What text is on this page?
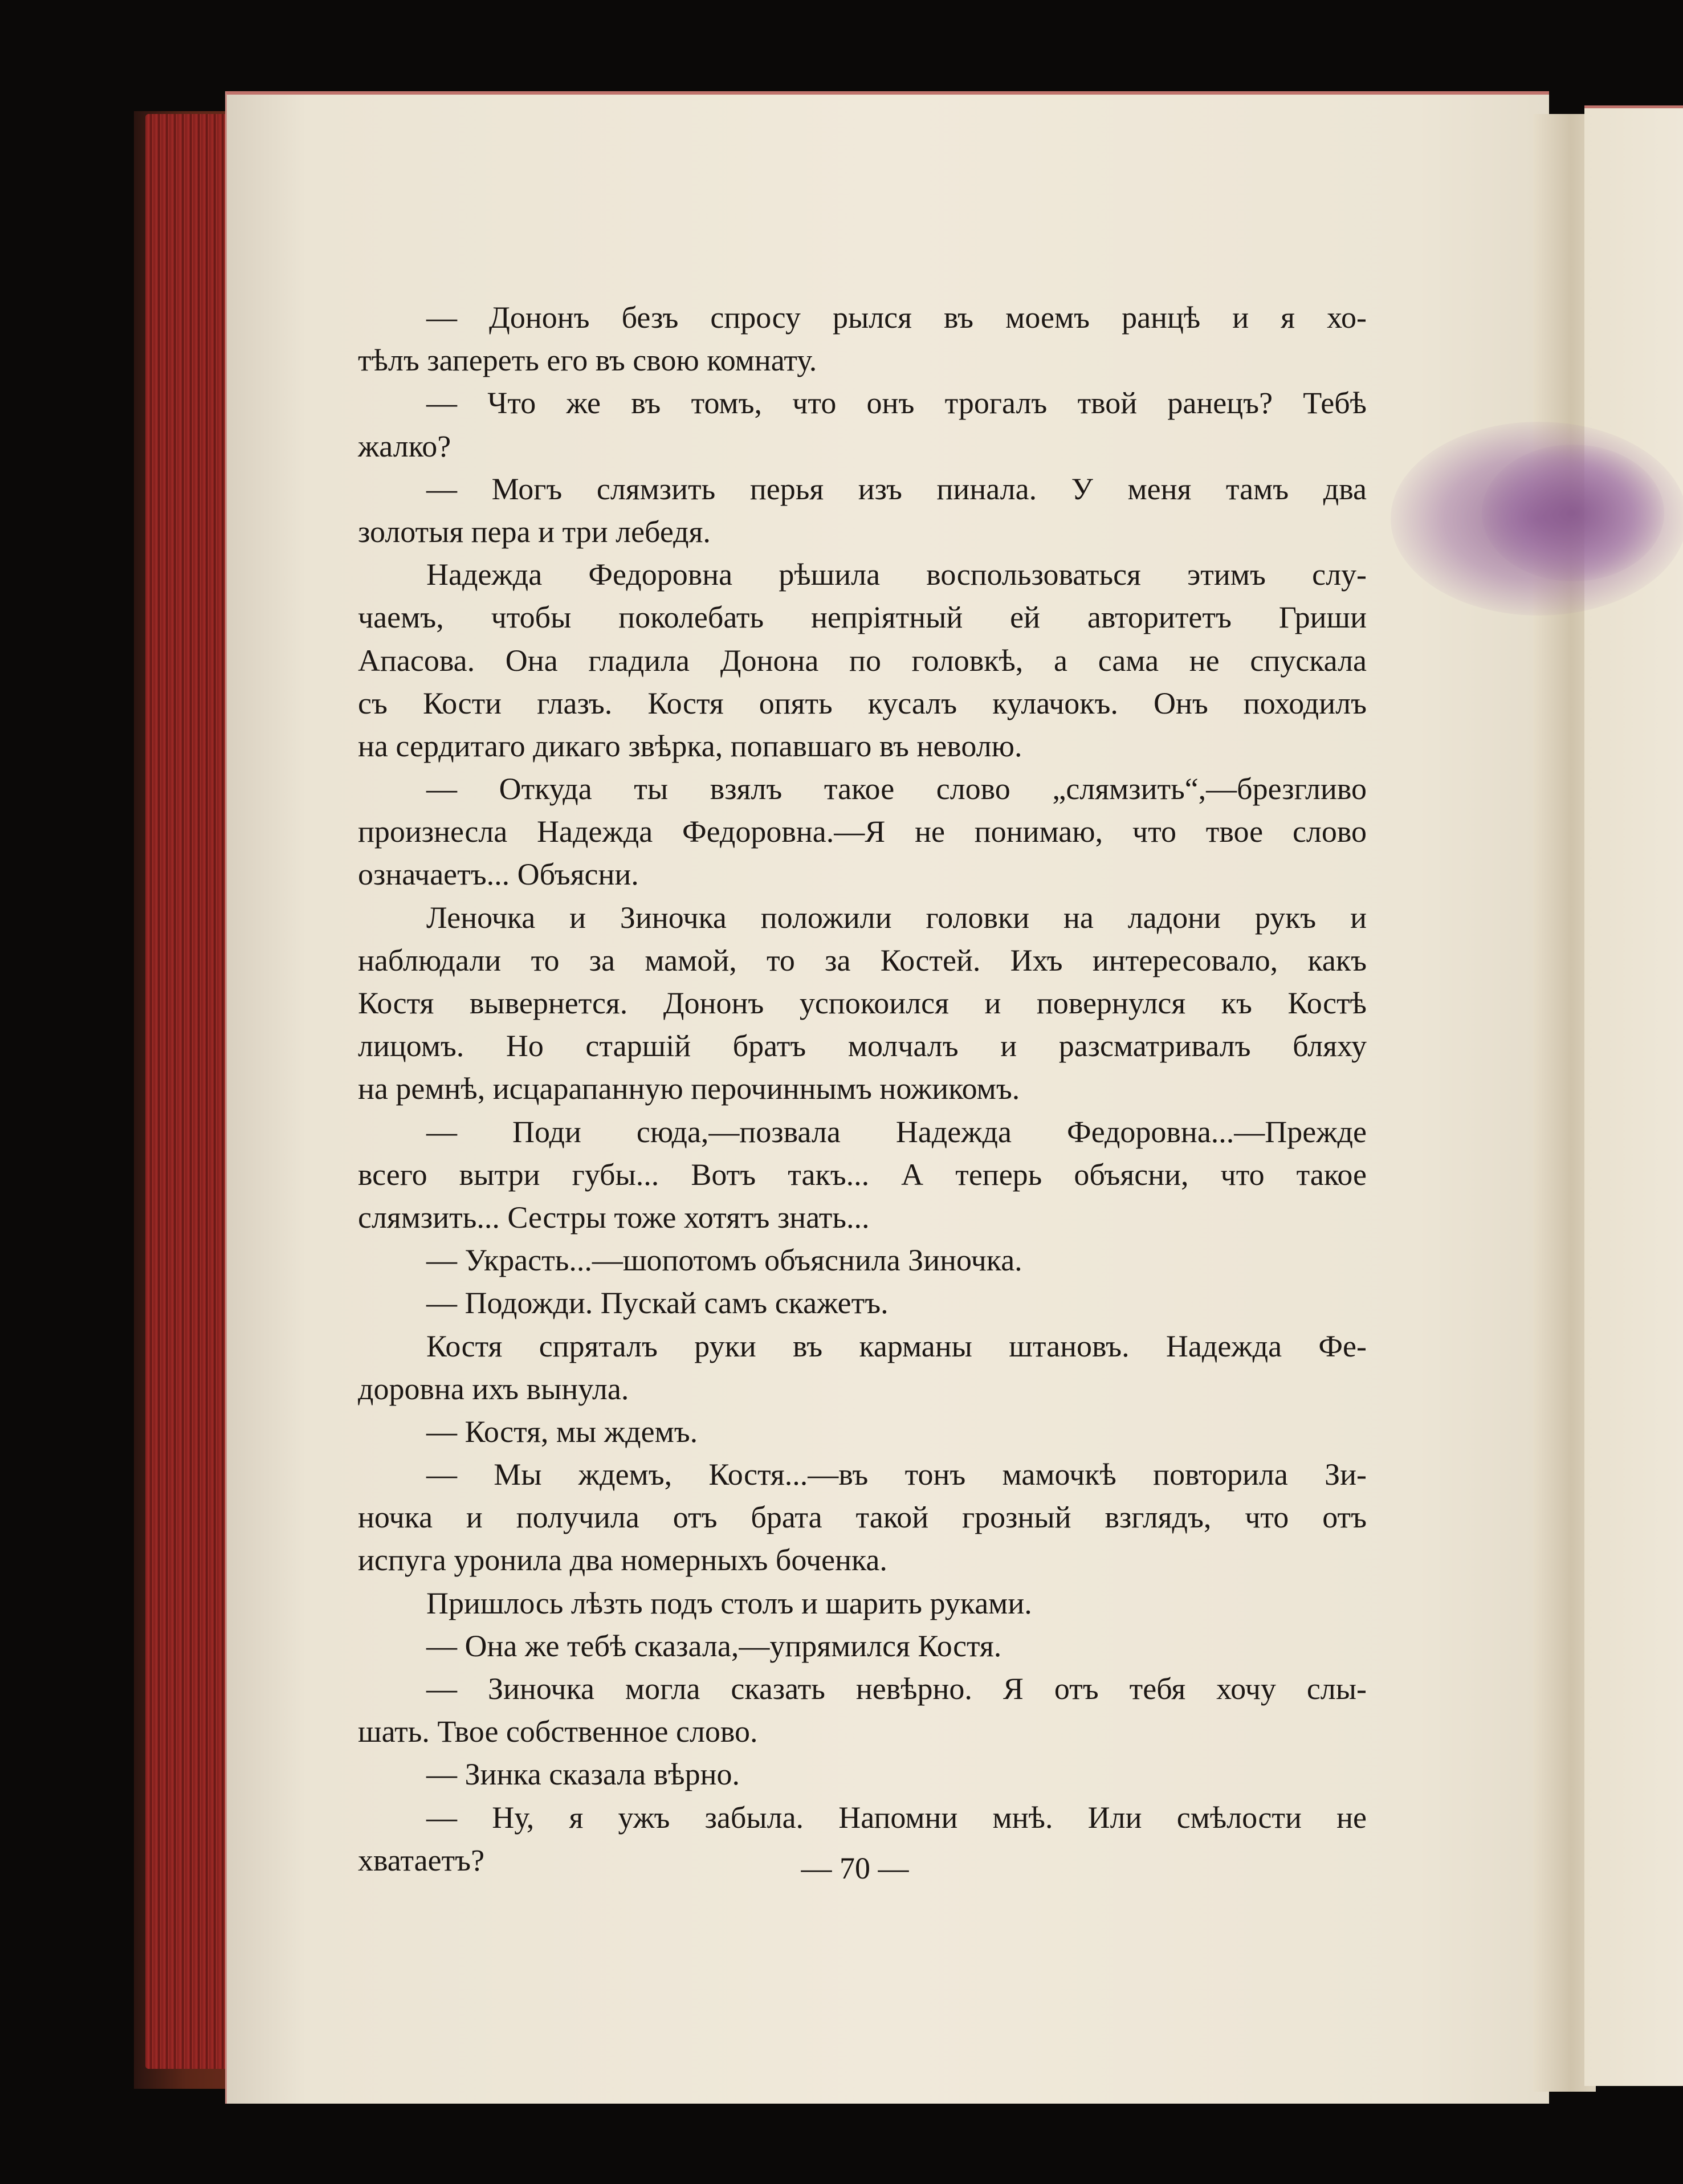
— Дононъ безъ спросу рылся въ моемъ ранцѣ и я хо-
тѣлъ запереть его въ свою комнату.
— Что же въ томъ, что онъ трогалъ твой ранецъ? Тебѣ
жалко?
— Могъ слямзить перья изъ пинала. У меня тамъ два
золотыя пера и три лебедя.
Надежда Федоровна рѣшила воспользоваться этимъ слу-
чаемъ, чтобы поколебать непріятный ей авторитетъ Гриши
Апасова. Она гладила Донона по головкѣ, а сама не спускала
съ Кости глазъ. Костя опять кусалъ кулачокъ. Онъ походилъ
на сердитаго дикаго звѣрка, попавшаго въ неволю.
— Откуда ты взялъ такое слово „слямзить“,—брезгливо
произнесла Надежда Федоровна.—Я не понимаю, что твое слово
означаетъ... Объясни.
Леночка и Зиночка положили головки на ладони рукъ и
наблюдали то за мамой, то за Костей. Ихъ интересовало, какъ
Костя вывернется. Дононъ успокоился и повернулся къ Костѣ
лицомъ. Но старшій братъ молчалъ и разсматривалъ бляху
на ремнѣ, исцарапанную перочиннымъ ножикомъ.
— Поди сюда,—позвала Надежда Федоровна...—Прежде
всего вытри губы... Вотъ такъ... А теперь объясни, что такое
слямзить... Сестры тоже хотятъ знать...
— Украсть...—шопотомъ объяснила Зиночка.
— Подожди. Пускай самъ скажетъ.
Костя спряталъ руки въ карманы штановъ. Надежда Фе-
доровна ихъ вынула.
— Костя, мы ждемъ.
— Мы ждемъ, Костя...—въ тонъ мамочкѣ повторила Зи-
ночка и получила отъ брата такой грозный взглядъ, что отъ
испуга уронила два номерныхъ боченка.
Пришлось лѣзть подъ столъ и шарить руками.
— Она же тебѣ сказала,—упрямился Костя.
— Зиночка могла сказать невѣрно. Я отъ тебя хочу слы-
шать. Твое собственное слово.
— Зинка сказала вѣрно.
— Ну, я ужъ забыла. Напомни мнѣ. Или смѣлости не
хватаетъ?	— 70 —
